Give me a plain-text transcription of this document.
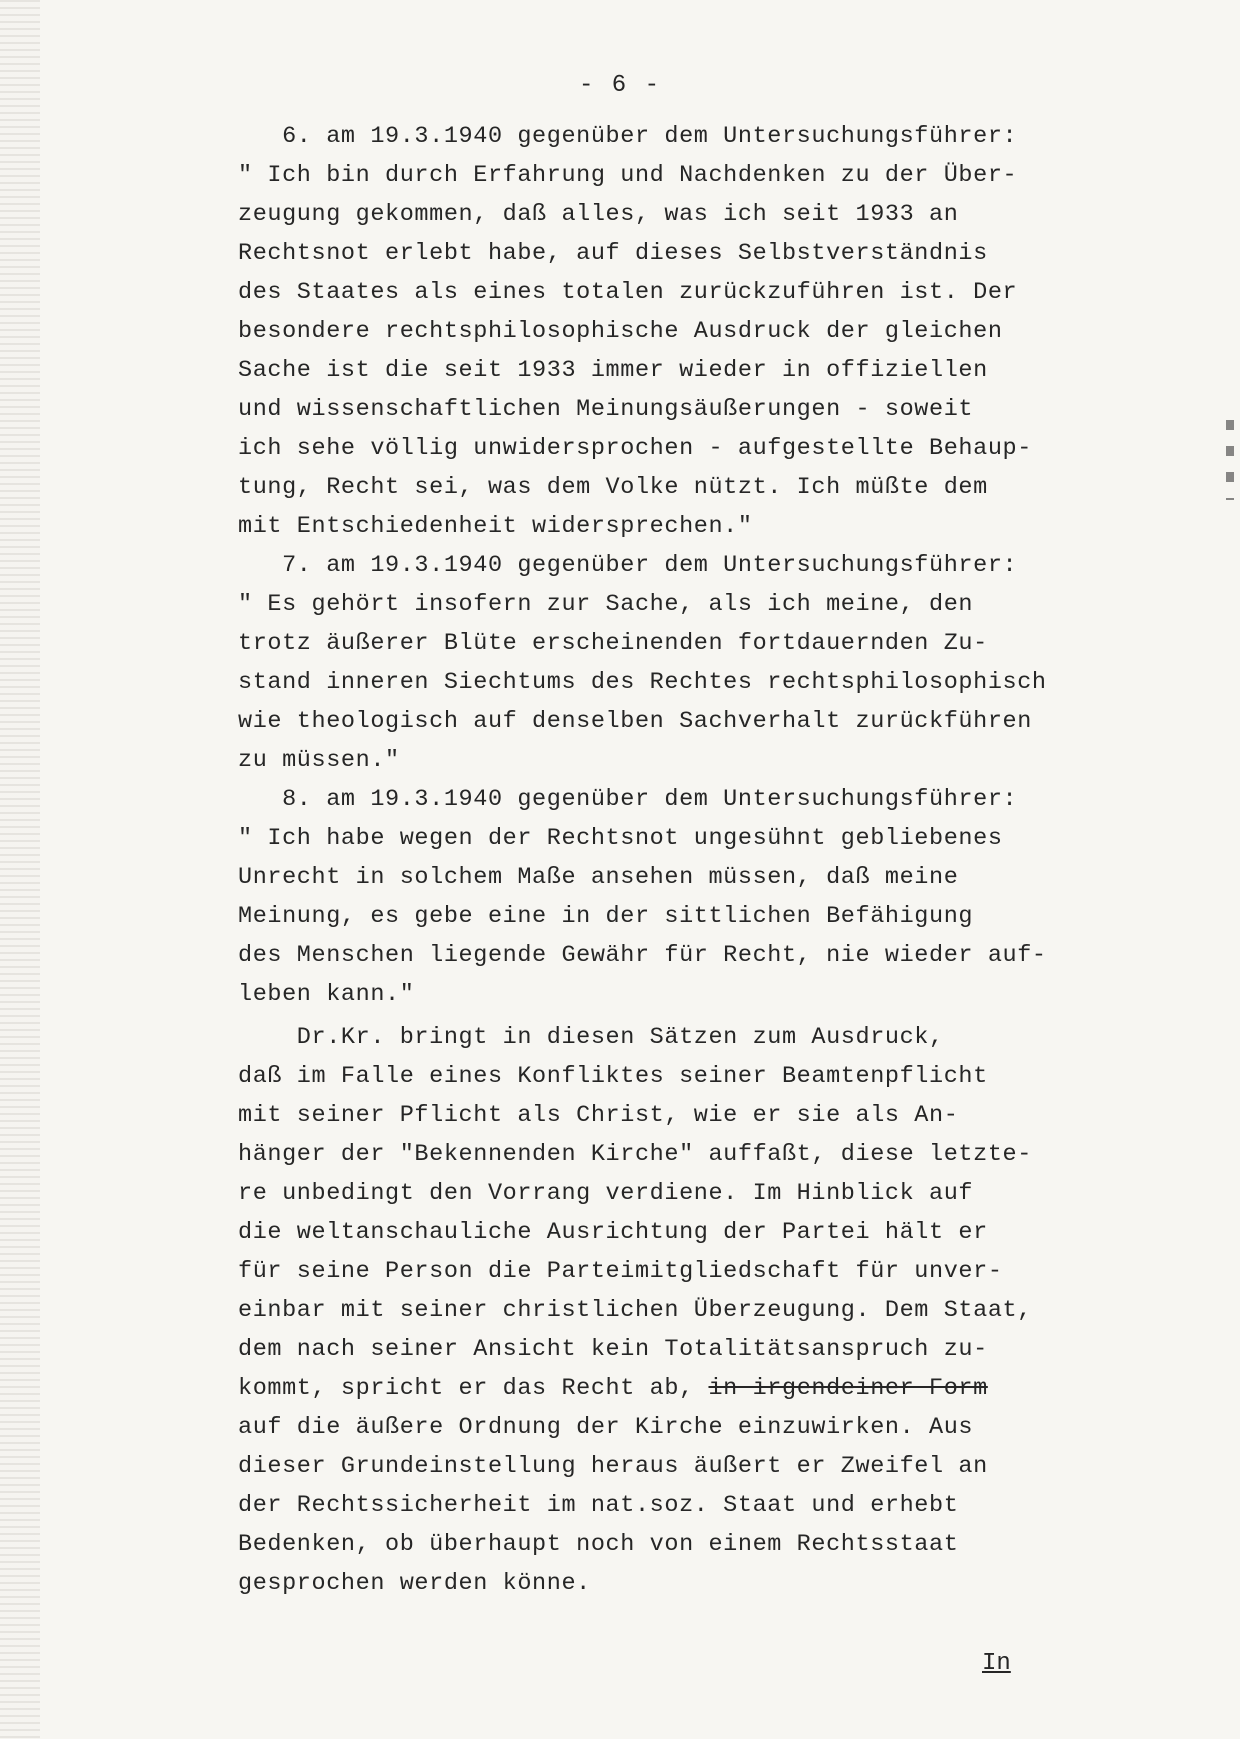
- 6 -
6. am 19.3.1940 gegenüber dem Untersuchungsführer:
" Ich bin durch Erfahrung und Nachdenken zu der Über-
zeugung gekommen, daß alles, was ich seit 1933 an
Rechtsnot erlebt habe, auf dieses Selbstverständnis
des Staates als eines totalen zurückzuführen ist. Der
besondere rechtsphilosophische Ausdruck der gleichen
Sache ist die seit 1933 immer wieder in offiziellen
und wissenschaftlichen Meinungsäußerungen - soweit
ich sehe völlig unwidersprochen - aufgestellte Behaup-
tung, Recht sei, was dem Volke nützt. Ich müßte dem
mit Entschiedenheit widersprechen."
7. am 19.3.1940 gegenüber dem Untersuchungsführer:
" Es gehört insofern zur Sache, als ich meine, den
trotz äußerer Blüte erscheinenden fortdauernden Zu-
stand inneren Siechtums des Rechtes rechtsphilosophisch
wie theologisch auf denselben Sachverhalt zurückführen
zu müssen."
8. am 19.3.1940 gegenüber dem Untersuchungsführer:
" Ich habe wegen der Rechtsnot ungesühnt gebliebenes
Unrecht in solchem Maße ansehen müssen, daß meine
Meinung, es gebe eine in der sittlichen Befähigung
des Menschen liegende Gewähr für Recht, nie wieder auf-
leben kann."
Dr.Kr. bringt in diesen Sätzen zum Ausdruck,
daß im Falle eines Konfliktes seiner Beamtenpflicht
mit seiner Pflicht als Christ, wie er sie als An-
hänger der "Bekennenden Kirche" auffaßt, diese letzte-
re unbedingt den Vorrang verdiene. Im Hinblick auf
die weltanschauliche Ausrichtung der Partei hält er
für seine Person die Parteimitgliedschaft für unver-
einbar mit seiner christlichen Überzeugung. Dem Staat,
dem nach seiner Ansicht kein Totalitätsanspruch zu-
kommt, spricht er das Recht ab, in irgendeiner Form
auf die äußere Ordnung der Kirche einzuwirken. Aus
dieser Grundeinstellung heraus äußert er Zweifel an
der Rechtssicherheit im nat.soz. Staat und erhebt
Bedenken, ob überhaupt noch von einem Rechtsstaat
gesprochen werden könne.
In
